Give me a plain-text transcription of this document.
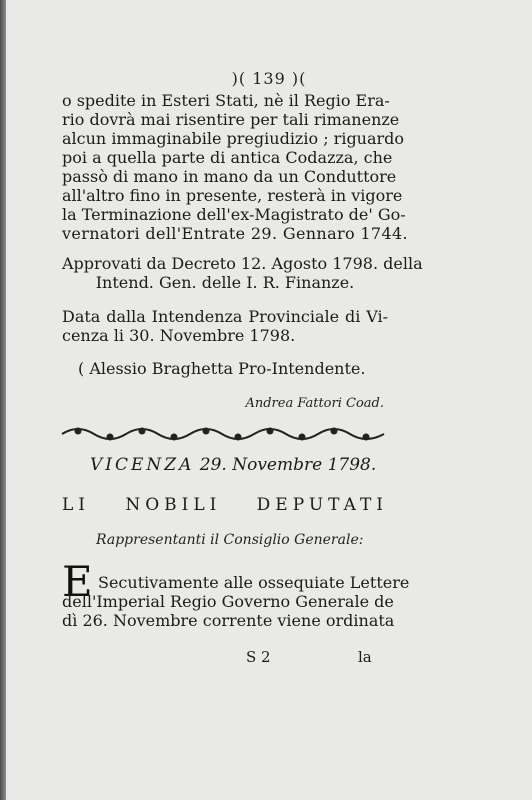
)( 139 )(
o spedite in Esteri Stati, nè il Regio Era-
rio dovrà mai risentire per tali rimanenze
alcun immaginabile pregiudizio ; riguardo
poi a quella parte di antica Codazza, che
passò di mano in mano da un Conduttore
all'altro fino in presente, resterà in vigore
la Terminazione dell'ex-Magistrato de' Go-
vernatori dell'Entrate 29. Gennaro 1744.
Approvati da Decreto 12. Agosto 1798. della
Intend. Gen. delle I. R. Finanze.
Data dalla Intendenza Provinciale di Vi-
cenza li 30. Novembre 1798.
( Alessio Braghetta Pro-Intendente.
Andrea Fattori Coad.
VICENZA 29. Novembre 1798.
LI NOBILI DEPUTATI
Rappresentanti il Consiglio Generale:
E Secutivamente alle ossequiate Lettere
dell'Imperial Regio Governo Generale de
dì 26. Novembre corrente viene ordinata
S 2	la
